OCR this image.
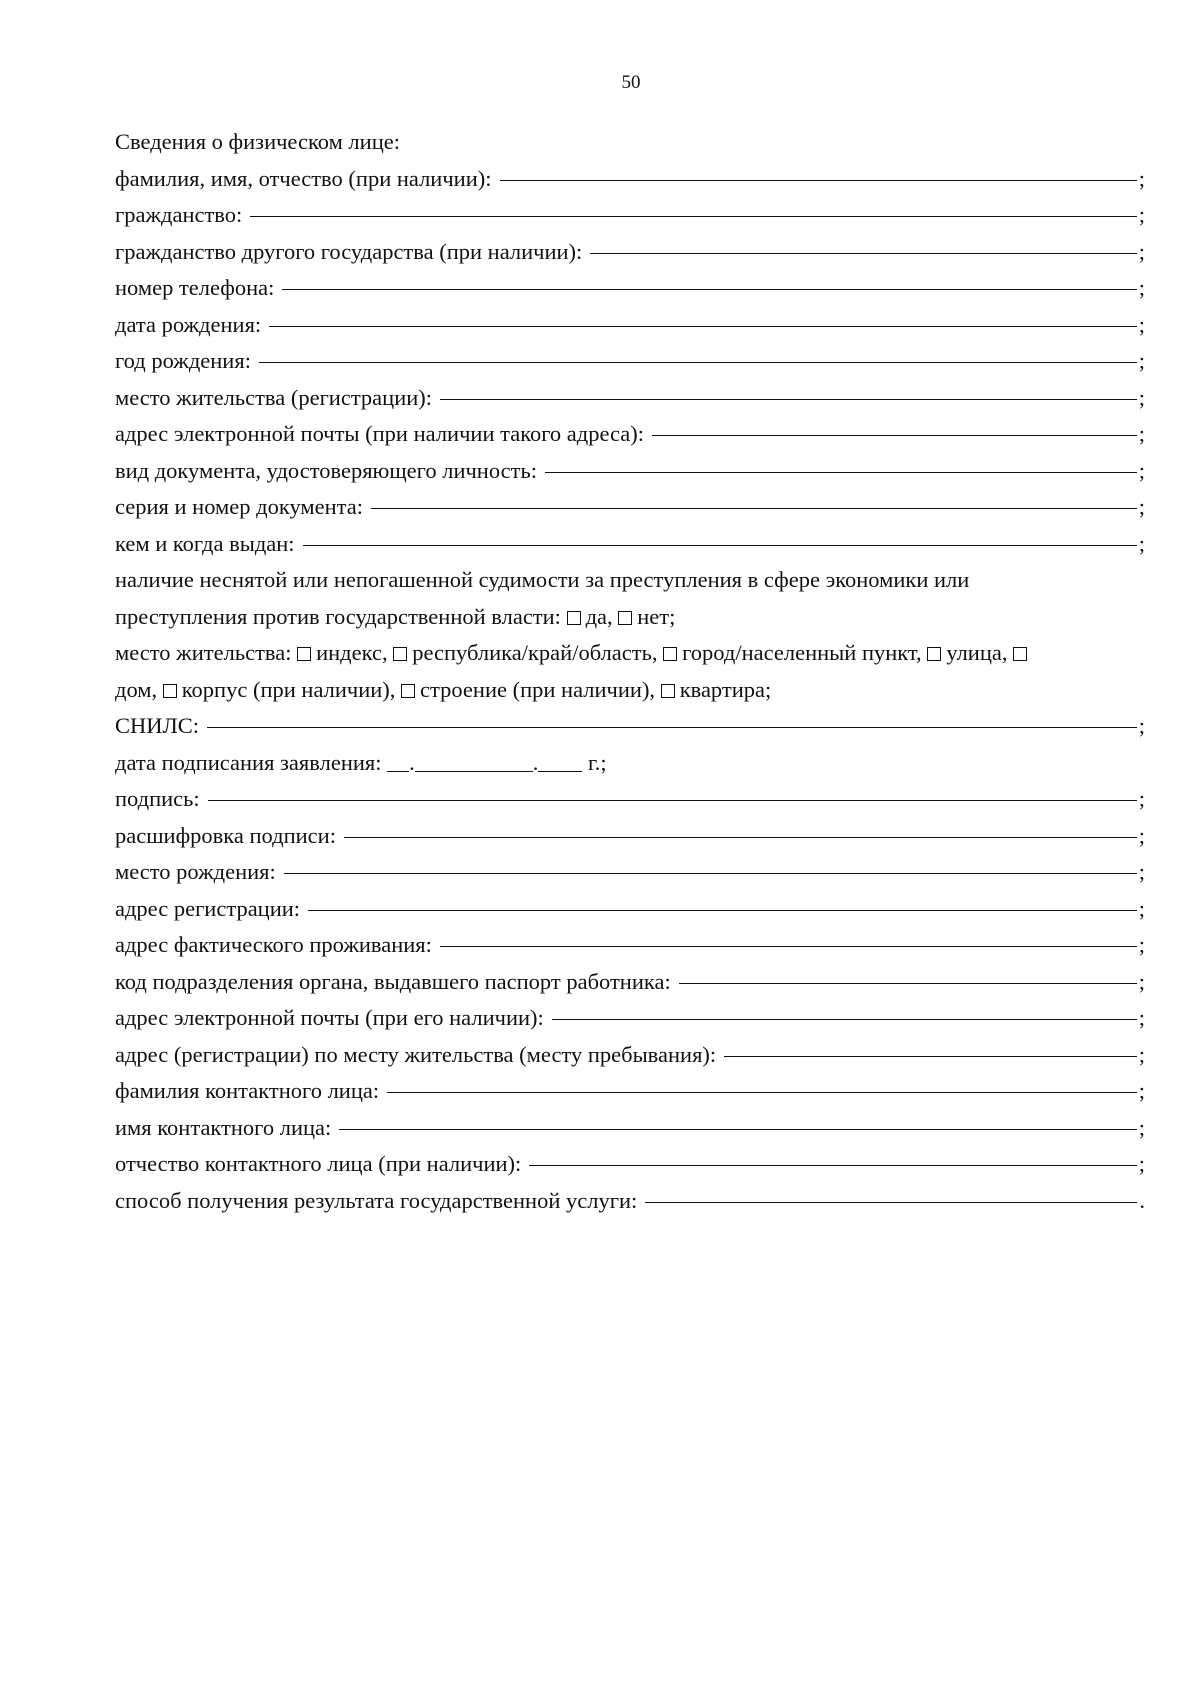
50
Сведения о физическом лице:
фамилия, имя, отчество (при наличии):	;
гражданство:	;
гражданство другого государства (при наличии):	;
номер телефона:	;
дата рождения:	;
год рождения:	;
место жительства (регистрации):	;
адрес электронной почты (при наличии такого адреса):	;
вид документа, удостоверяющего личность:	;
серия и номер документа:	;
кем и когда выдан:	;
наличие неснятой или непогашенной судимости за преступления в сфере экономики или
преступления против государственной власти: да, нет;
место жительства: индекс, республика/край/область, город/населенный пункт, улица,
дом, корпус (при наличии), строение (при наличии), квартира;
СНИЛС:	;
дата подписания заявления: .	. г.;
подпись:	;
расшифровка подписи:	;
место рождения:	;
адрес регистрации:	;
адрес фактического проживания:	;
код подразделения органа, выдавшего паспорт работника:	;
адрес электронной почты (при его наличии):	;
адрес (регистрации) по месту жительства (месту пребывания):	;
фамилия контактного лица:	;
имя контактного лица:	;
отчество контактного лица (при наличии):	;
способ получения результата государственной услуги:	.
